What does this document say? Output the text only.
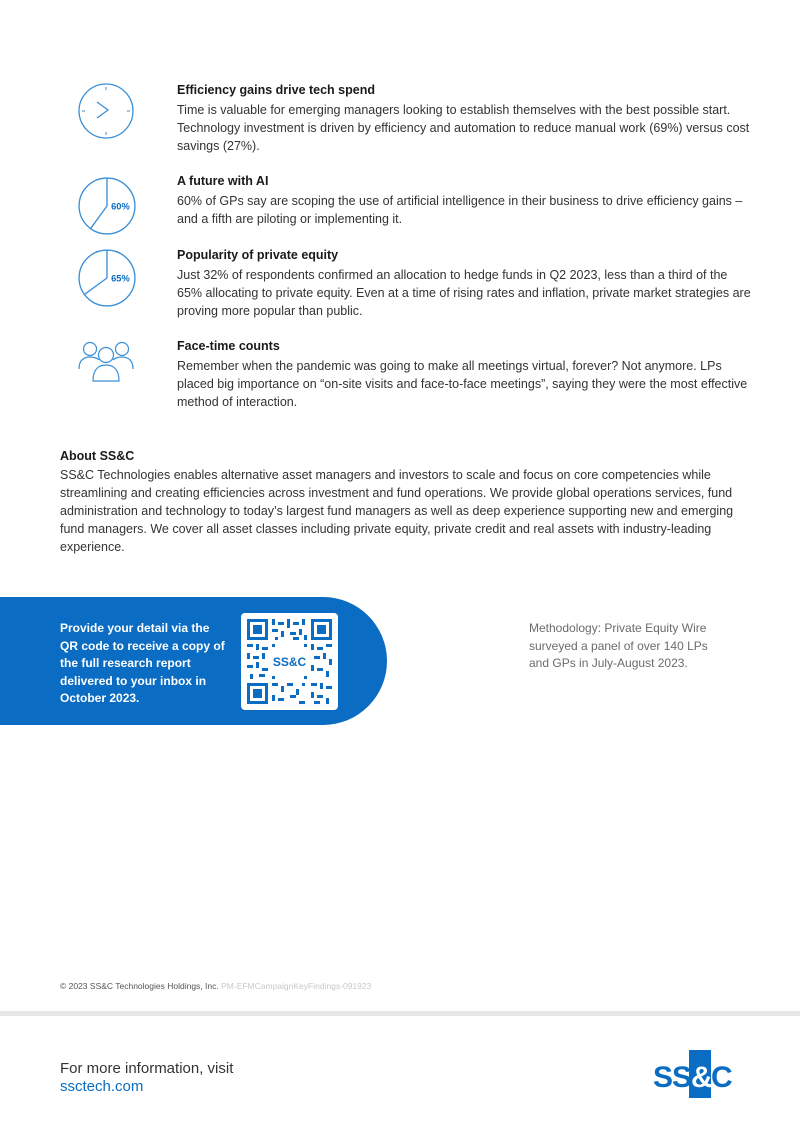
Efficiency gains drive tech spend

Time is valuable for emerging managers looking to establish themselves with the best possible start. Technology investment is driven by efficiency and automation to reduce manual work (69%) versus cost savings (27%).

60%

A future with AI

60% of GPs say are scoping the use of artificial intelligence in their business to drive efficiency gains – and a fifth are piloting or implementing it.

65%

Popularity of private equity

Just 32% of respondents confirmed an allocation to hedge funds in Q2 2023, less than a third of the 65% allocating to private equity. Even at a time of rising rates and inflation, private market strategies are proving more popular than public.

Face-time counts

Remember when the pandemic was going to make all meetings virtual, forever? Not anymore. LPs placed big importance on “on-site visits and face-to-face meetings”, saying they were the most effective method of interaction.

About SS&C

SS&C Technologies enables alternative asset managers and investors to scale and focus on core competencies while streamlining and creating efficiencies across investment and fund operations. We provide global operations services, fund administration and technology to today’s largest fund managers as well as deep experience supporting new and emerging fund managers. We cover all asset classes including private equity, private credit and real assets with industry-leading experience.

Provide your detail via the QR code to receive a copy of the full research report delivered to your inbox in October 2023.
SS&C
Methodology: Private Equity Wire surveyed a panel of over 140 LPs and GPs in July-August 2023.
© 2023 SS&C Technologies Holdings, Inc. PM-EFMCampaignKeyFindings-091923
For more information, visit
ssctech.com	SS &
C
